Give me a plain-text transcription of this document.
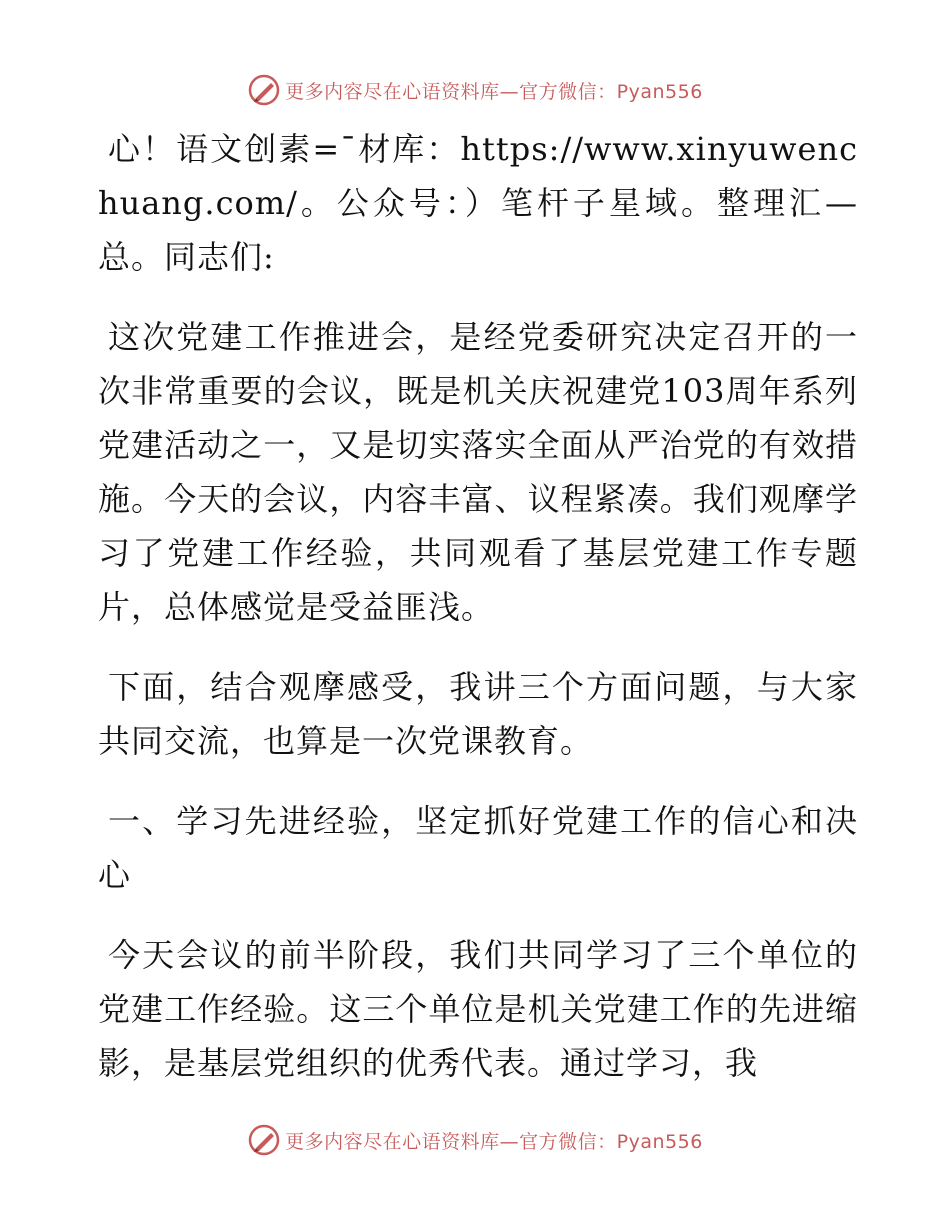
更多内容尽在心语资料库—官方微信：Pyan556

心！语文创素=¯材库：https://www.xinyuwenchuang.com/。公众号：）笔杆子星域。整理汇—总。同志们:

这次党建工作推进会，是经党委研究决定召开的一次非常重要的会议，既是机关庆祝建党103周年系列党建活动之一，又是切实落实全面从严治党的有效措施。今天的会议，内容丰富、议程紧凑。我们观摩学习了党建工作经验，共同观看了基层党建工作专题片，总体感觉是受益匪浅。

下面，结合观摩感受，我讲三个方面问题，与大家共同交流，也算是一次党课教育。

一、学习先进经验，坚定抓好党建工作的信心和决心

今天会议的前半阶段，我们共同学习了三个单位的党建工作经验。这三个单位是机关党建工作的先进缩影，是基层党组织的优秀代表。通过学习，我

更多内容尽在心语资料库—官方微信：Pyan556
